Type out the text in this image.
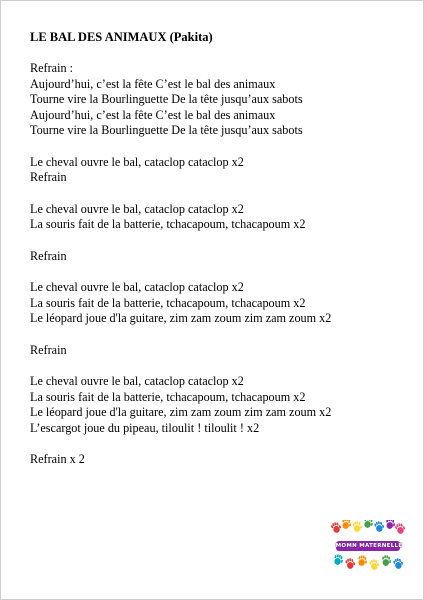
LE BAL DES ANIMAUX (Pakita)
Refrain :
Aujourd’hui, c’est la fête C’est le bal des animaux
Tourne vire la Bourlinguette De la tête jusqu’aux sabots
Aujourd’hui, c’est la fête C’est le bal des animaux
Tourne vire la Bourlinguette De la tête jusqu’aux sabots
Le cheval ouvre le bal, cataclop cataclop x2
Refrain
Le cheval ouvre le bal, cataclop cataclop x2
La souris fait de la batterie, tchacapoum, tchacapoum x2
Refrain
Le cheval ouvre le bal, cataclop cataclop x2
La souris fait de la batterie, tchacapoum, tchacapoum x2
Le léopard joue d'la guitare, zim zam zoum zim zam zoum x2
Refrain
Le cheval ouvre le bal, cataclop cataclop x2
La souris fait de la batterie, tchacapoum, tchacapoum x2
Le léopard joue d'la guitare, zim zam zoum zim zam zoum x2
L’escargot joue du pipeau, tiloulit ! tiloulit ! x2
Refrain x 2
MOMN MATERNELLE
